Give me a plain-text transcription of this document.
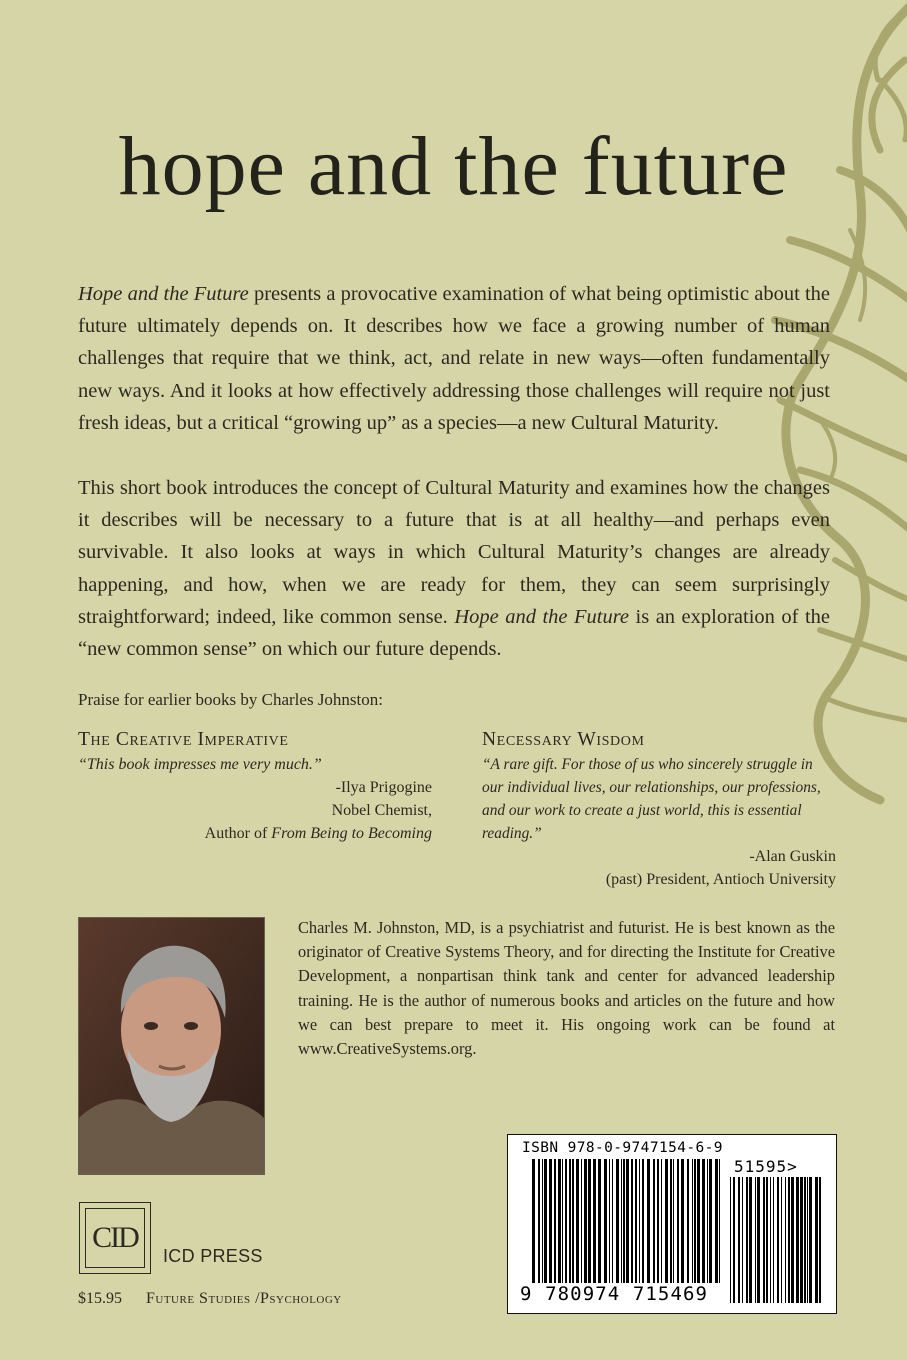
hope and the future

Hope and the Future presents a provocative examination of what being optimistic about the future ultimately depends on. It describes how we face a growing number of human challenges that require that we think, act, and relate in new ways—often fundamentally new ways. And it looks at how effectively addressing those challenges will require not just fresh ideas, but a critical “growing up” as a species—a new Cultural Maturity.

This short book introduces the concept of Cultural Maturity and examines how the changes it describes will be necessary to a future that is at all healthy—and perhaps even survivable. It also looks at ways in which Cultural Maturity’s changes are already happening, and how, when we are ready for them, they can seem surprisingly straightforward; indeed, like common sense. Hope and the Future is an exploration of the “new common sense” on which our future depends.

Praise for earlier books by Charles Johnston:

The Creative Imperative

“This book impresses me very much.”

-Ilya Prigogine

Nobel Chemist,

Author of From Being to Becoming

Necessary Wisdom

“A rare gift. For those of us who sincerely struggle in our individual lives, our relationships, our professions, and our work to create a just world, this is essential reading.”

-Alan Guskin

(past) President, Antioch University

Charles M. Johnston, MD, is a psychiatrist and futurist. He is best known as the originator of Creative Systems Theory, and for directing the Institute for Creative Development, a nonpartisan think tank and center for advanced leadership training. He is the author of numerous books and articles on the future and how we can best prepare to meet it. His ongoing work can be found at www.CreativeSystems.org.

CID

ICD PRESS

$15.95 Future Studies /Psychology

ISBN 978-0-9747154-6-9

51595>

9 780974 715469
